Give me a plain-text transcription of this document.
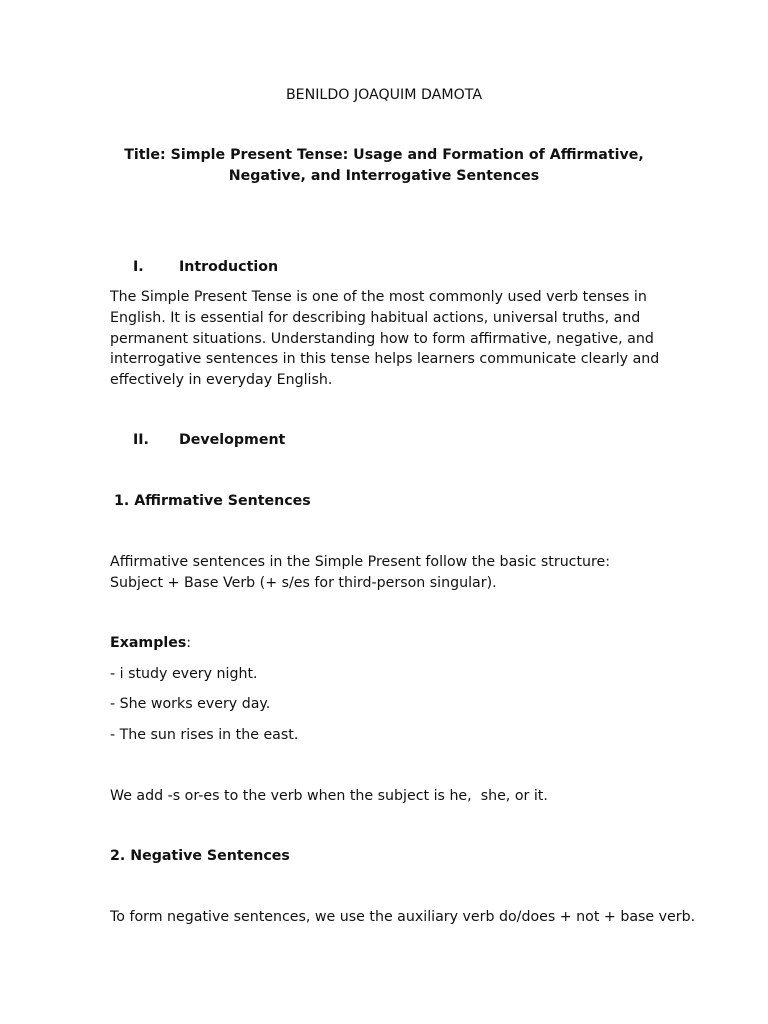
BENILDO JOAQUIM DAMOTA
Title: Simple Present Tense: Usage and Formation of Affirmative, Negative, and Interrogative Sentences
I. Introduction
The Simple Present Tense is one of the most commonly used verb tenses in English. It is essential for describing habitual actions, universal truths, and permanent situations. Understanding how to form affirmative, negative, and interrogative sentences in this tense helps learners communicate clearly and effectively in everyday English.
II. Development
1. Affirmative Sentences
Affirmative sentences in the Simple Present follow the basic structure: Subject + Base Verb (+ s/es for third-person singular).
Examples:
- i study every night.
- She works every day.
- The sun rises in the east.
We add -s or-es to the verb when the subject is he,  she, or it.
2. Negative Sentences
To form negative sentences, we use the auxiliary verb do/does + not + base verb.
